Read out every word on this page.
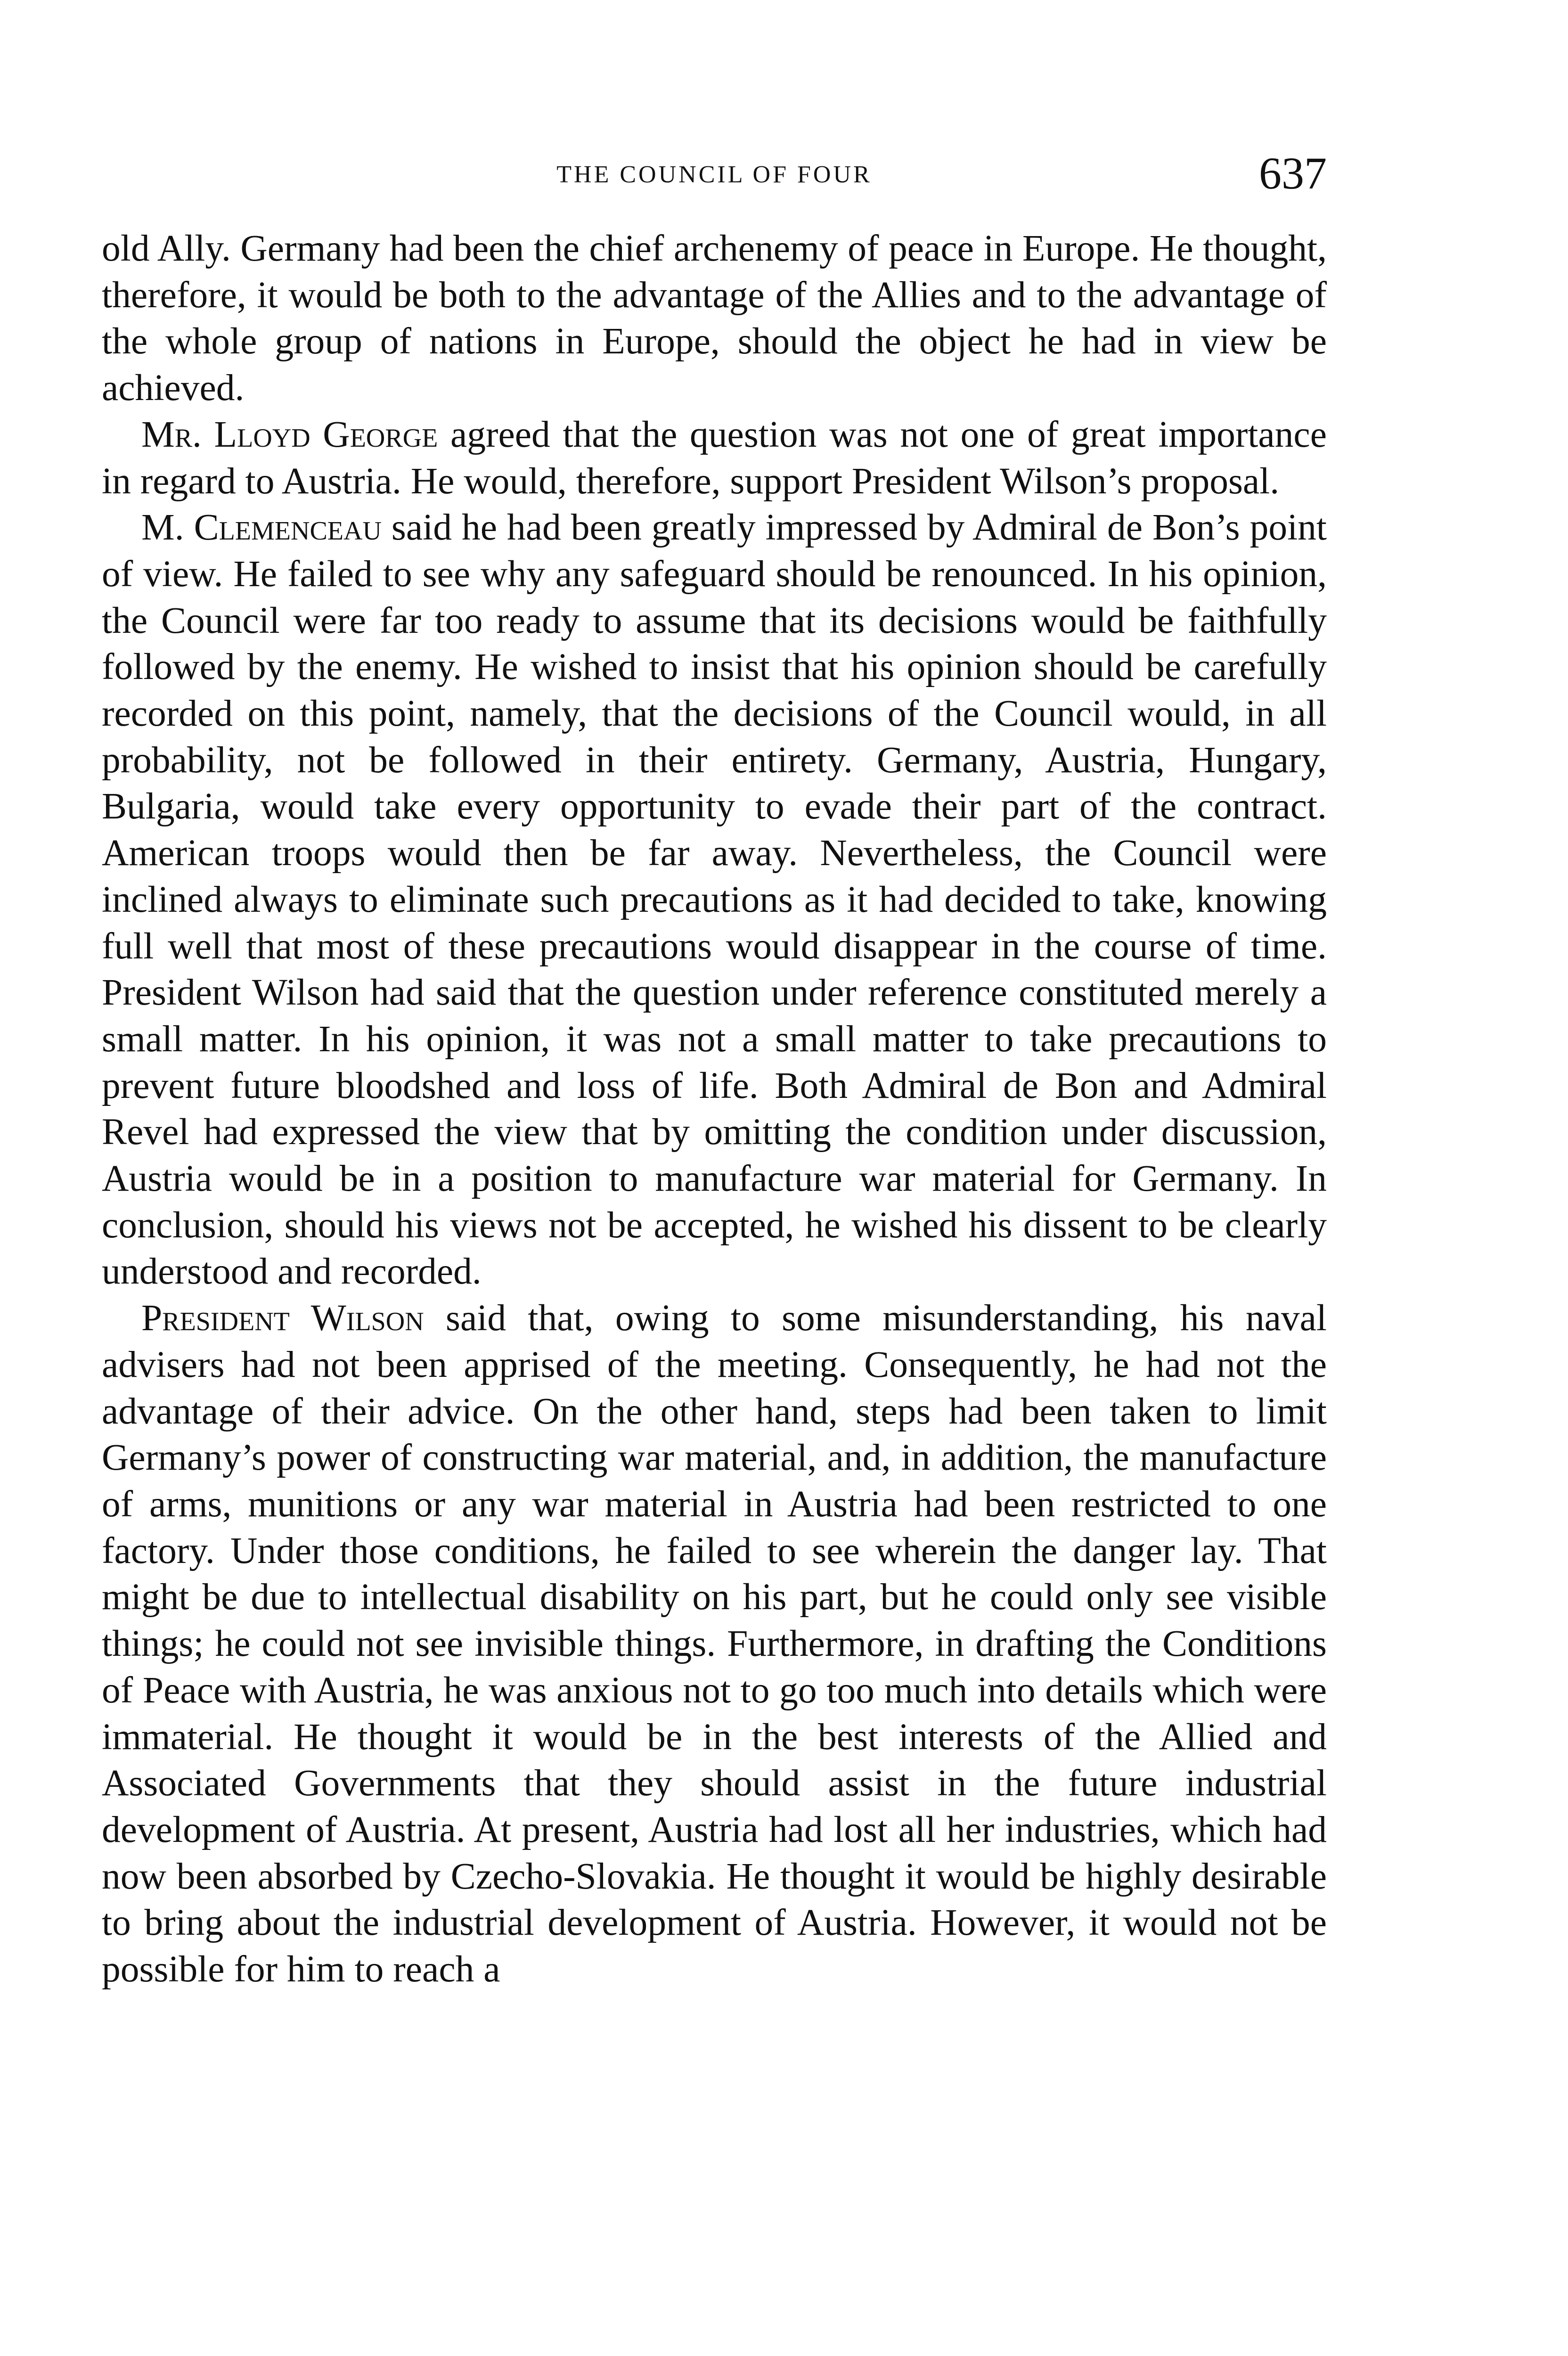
THE COUNCIL OF FOUR	637

old Ally. Germany had been the chief archenemy of peace in Europe. He thought, therefore, it would be both to the advantage of the Allies and to the advantage of the whole group of nations in Europe, should the object he had in view be achieved.

Mr. Lloyd George agreed that the question was not one of great importance in regard to Austria. He would, therefore, support President Wilson’s proposal.

M. Clemenceau said he had been greatly impressed by Admiral de Bon’s point of view. He failed to see why any safeguard should be renounced. In his opinion, the Council were far too ready to assume that its decisions would be faithfully followed by the enemy. He wished to insist that his opinion should be carefully recorded on this point, namely, that the decisions of the Council would, in all probability, not be followed in their entirety. Germany, Austria, Hungary, Bulgaria, would take every opportunity to evade their part of the contract. American troops would then be far away. Nevertheless, the Council were inclined always to eliminate such precautions as it had decided to take, knowing full well that most of these precautions would disappear in the course of time. President Wilson had said that the question under reference constituted merely a small matter. In his opinion, it was not a small matter to take precautions to prevent future bloodshed and loss of life. Both Admiral de Bon and Admiral Revel had expressed the view that by omitting the condition under discussion, Austria would be in a position to manufacture war material for Germany. In conclusion, should his views not be accepted, he wished his dissent to be clearly understood and recorded.

President Wilson said that, owing to some misunderstanding, his naval advisers had not been apprised of the meeting. Consequently, he had not the advantage of their advice. On the other hand, steps had been taken to limit Germany’s power of constructing war material, and, in addition, the manufacture of arms, munitions or any war material in Austria had been restricted to one factory. Under those conditions, he failed to see wherein the danger lay. That might be due to intellectual disability on his part, but he could only see visible things; he could not see invisible things. Furthermore, in drafting the Conditions of Peace with Austria, he was anxious not to go too much into details which were immaterial. He thought it would be in the best interests of the Allied and Associated Governments that they should assist in the future industrial development of Austria. At present, Austria had lost all her industries, which had now been absorbed by Czecho-Slovakia. He thought it would be highly desirable to bring about the industrial development of Austria. However, it would not be possible for him to reach a
